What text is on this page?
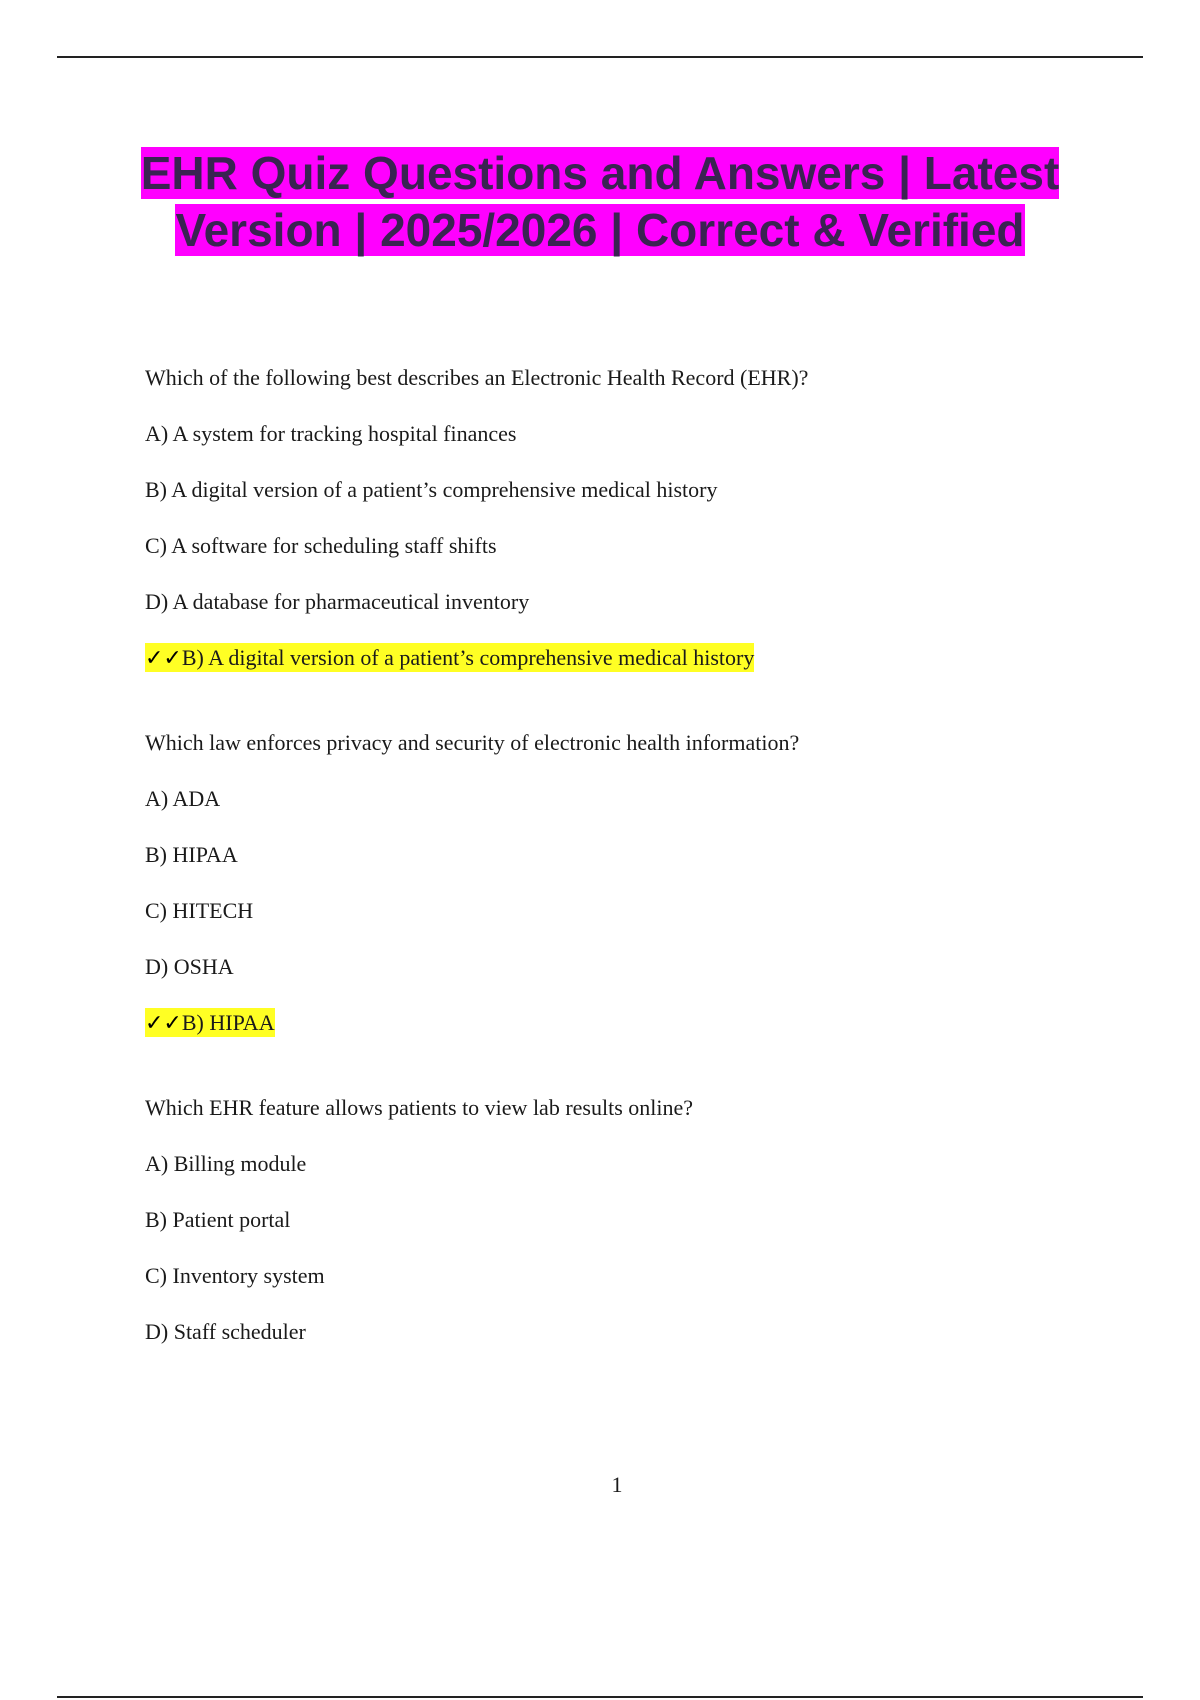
EHR Quiz Questions and Answers | Latest Version | 2025/2026 | Correct & Verified

Which of the following best describes an Electronic Health Record (EHR)?

A) A system for tracking hospital finances

B) A digital version of a patient’s comprehensive medical history

C) A software for scheduling staff shifts

D) A database for pharmaceutical inventory

✓✓B) A digital version of a patient’s comprehensive medical history

Which law enforces privacy and security of electronic health information?

A) ADA

B) HIPAA

C) HITECH

D) OSHA

✓✓B) HIPAA

Which EHR feature allows patients to view lab results online?

A) Billing module

B) Patient portal

C) Inventory system

D) Staff scheduler

1
